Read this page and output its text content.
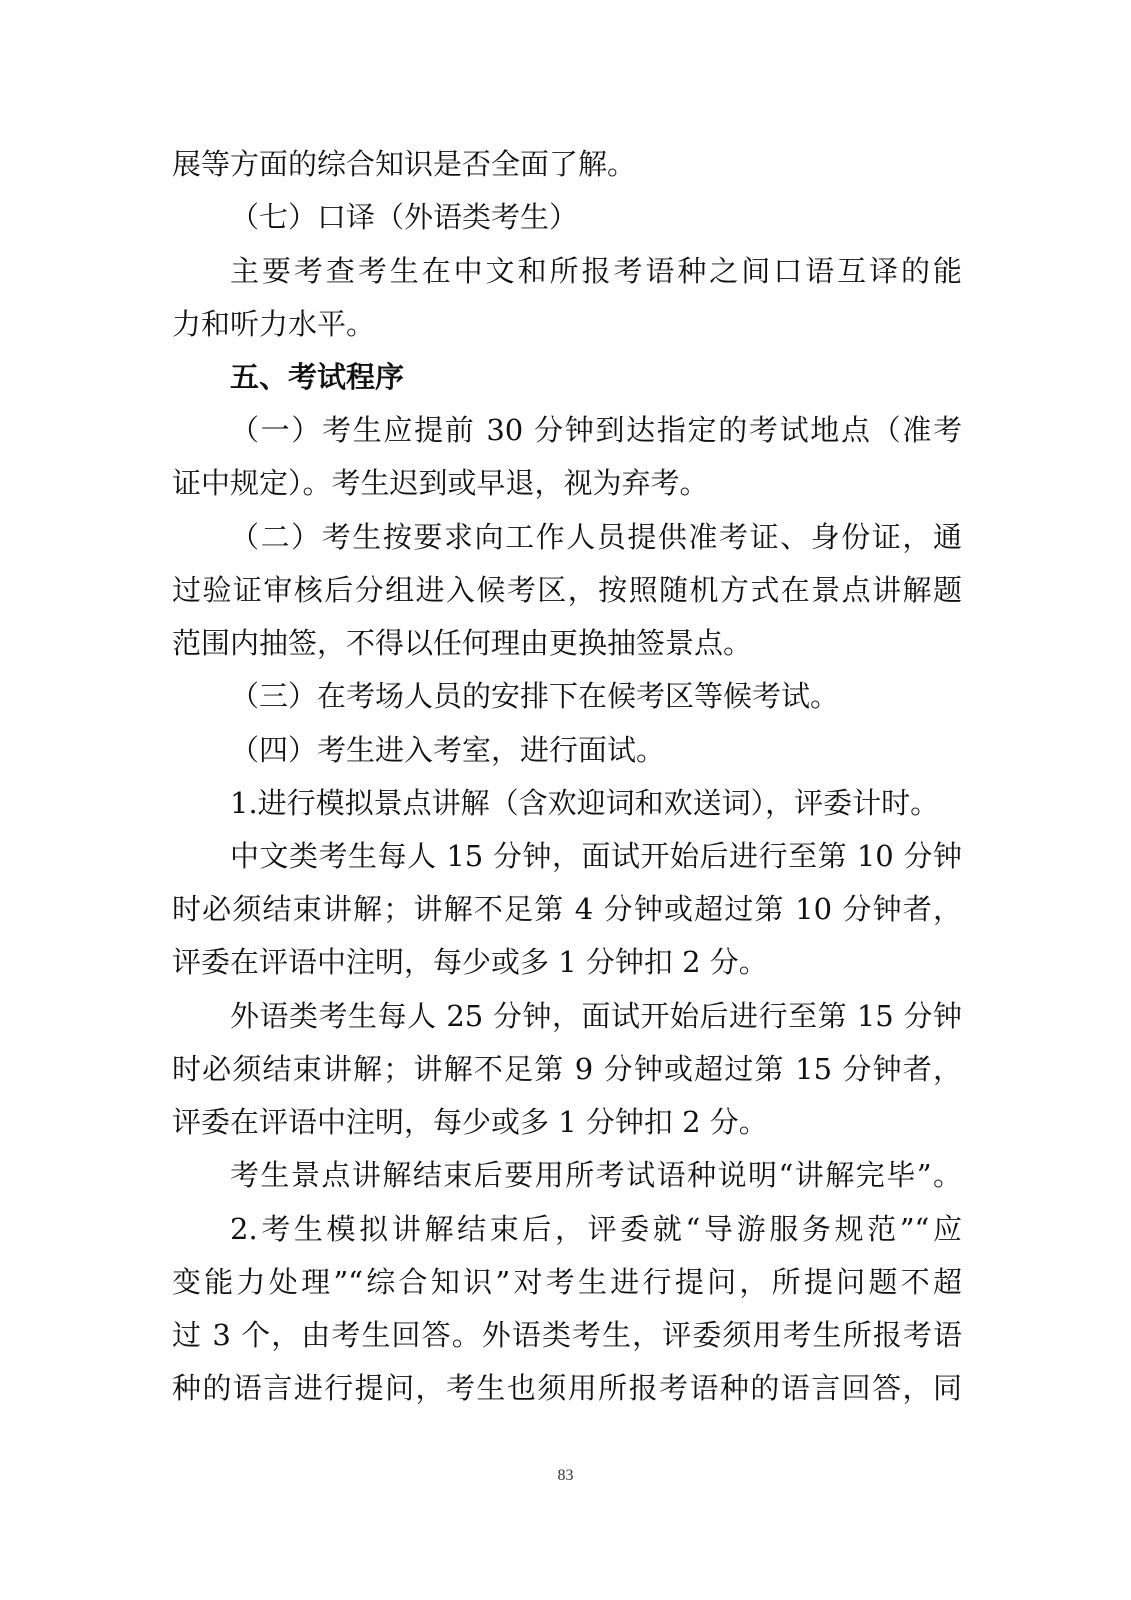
展等方面的综合知识是否全面了解。
（七）口译（外语类考生）
主要考查考生在中文和所报考语种之间口语互译的能
力和听力水平。
五、考试程序
（一）考生应提前 30 分钟到达指定的考试地点（准考
证中规定）。考生迟到或早退，视为弃考。
（二）考生按要求向工作人员提供准考证、身份证，通
过验证审核后分组进入候考区，按照随机方式在景点讲解题
范围内抽签，不得以任何理由更换抽签景点。
（三）在考场人员的安排下在候考区等候考试。
（四）考生进入考室，进行面试。
1.进行模拟景点讲解（含欢迎词和欢送词），评委计时。
中文类考生每人 15 分钟，面试开始后进行至第 10 分钟
时必须结束讲解；讲解不足第 4 分钟或超过第 10 分钟者，
评委在评语中注明，每少或多 1 分钟扣 2 分。
外语类考生每人 25 分钟，面试开始后进行至第 15 分钟
时必须结束讲解；讲解不足第 9 分钟或超过第 15 分钟者，
评委在评语中注明，每少或多 1 分钟扣 2 分。
考生景点讲解结束后要用所考试语种说明“讲解完毕”。
2.考生模拟讲解结束后，评委就“导游服务规范”“应
变能力处理”“综合知识”对考生进行提问，所提问题不超
过 3 个，由考生回答。外语类考生，评委须用考生所报考语
种的语言进行提问，考生也须用所报考语种的语言回答，同
83
